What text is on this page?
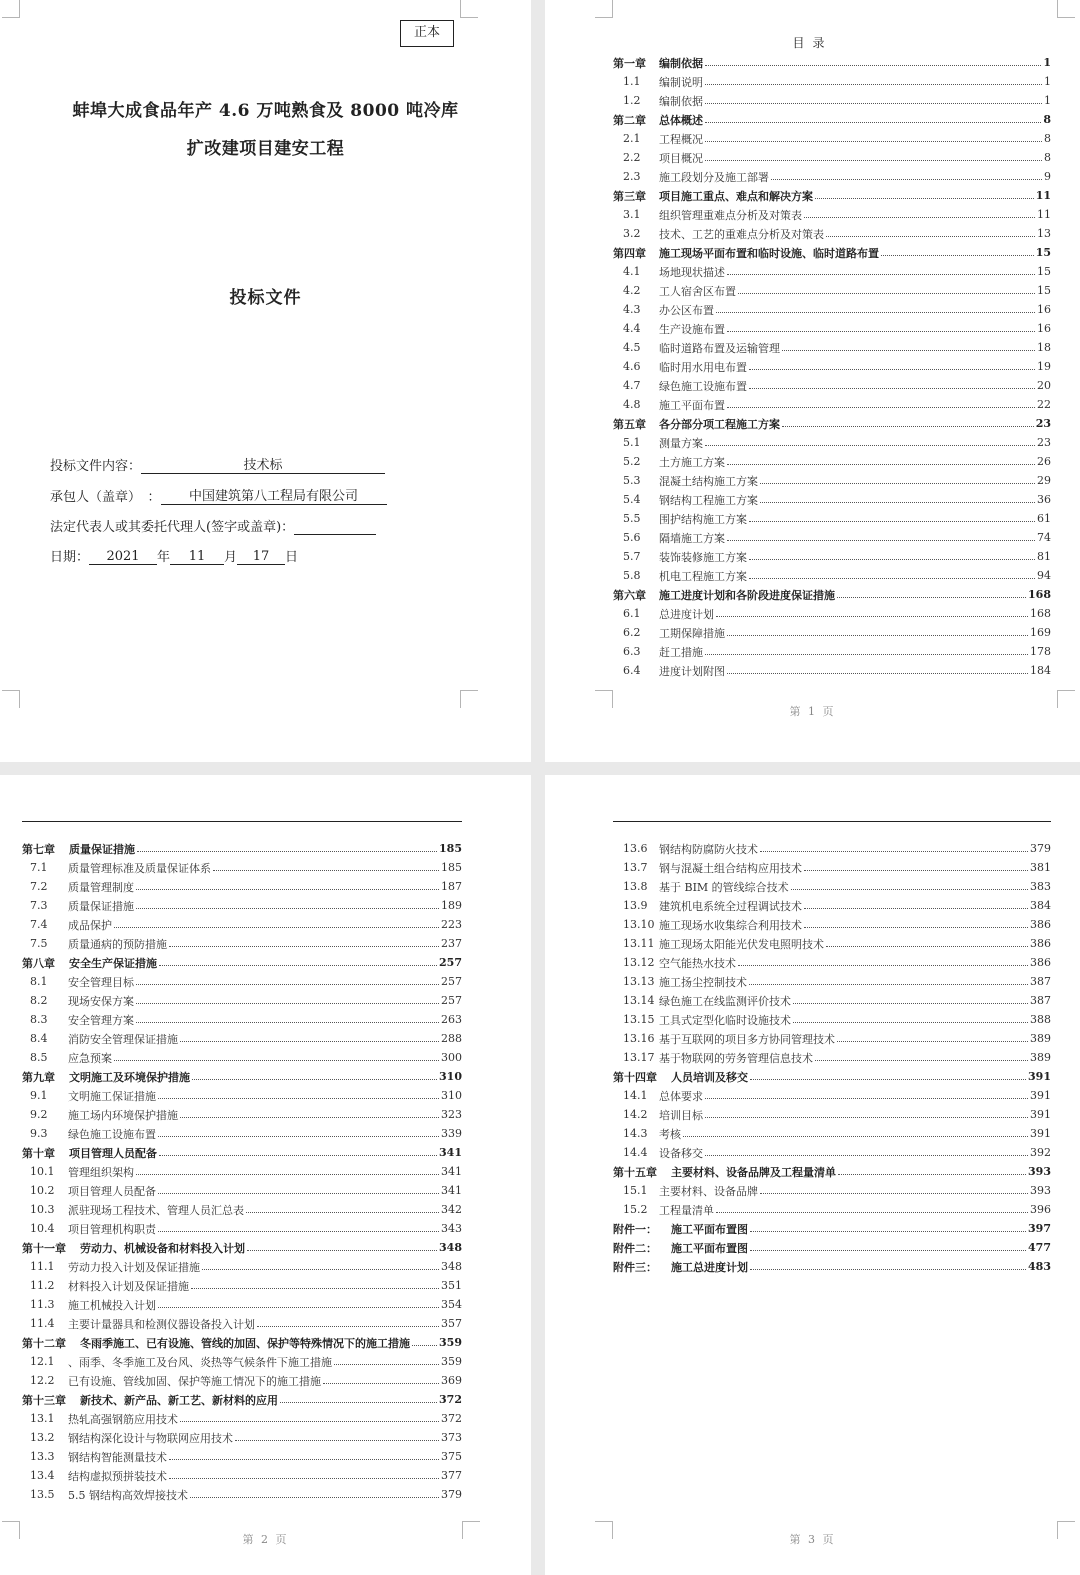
正本
蚌埠大成食品年产 4.6 万吨熟食及 8000 吨冷库
扩改建项目建安工程
投标文件
投标文件内容：	技术标
承包人（盖章）　：	中国建筑第八工程局有限公司
法定代表人或其委托代理人(签字或盖章)：
日期：	2021	年	11	月	17	日
目录
第一章	编制依据	1
1.1	编制说明	1
1.2	编制依据	1
第二章	总体概述	8
2.1	工程概况	8
2.2	项目概况	8
2.3	施工段划分及施工部署	9
第三章	项目施工重点、难点和解决方案	11
3.1	组织管理重难点分析及对策表	11
3.2	技术、工艺的重难点分析及对策表	13
第四章	施工现场平面布置和临时设施、临时道路布置	15
4.1	场地现状描述	15
4.2	工人宿舍区布置	15
4.3	办公区布置	16
4.4	生产设施布置	16
4.5	临时道路布置及运输管理	18
4.6	临时用水用电布置	19
4.7	绿色施工设施布置	20
4.8	施工平面布置	22
第五章	各分部分项工程施工方案	23
5.1	测量方案	23
5.2	土方施工方案	26
5.3	混凝土结构施工方案	29
5.4	钢结构工程施工方案	36
5.5	围护结构施工方案	61
5.6	隔墙施工方案	74
5.7	装饰装修施工方案	81
5.8	机电工程施工方案	94
第六章	施工进度计划和各阶段进度保证措施	168
6.1	总进度计划	168
6.2	工期保障措施	169
6.3	赶工措施	178
6.4	进度计划附图	184
第 1 页
第七章	质量保证措施	185
7.1	质量管理标准及质量保证体系	185
7.2	质量管理制度	187
7.3	质量保证措施	189
7.4	成品保护	223
7.5	质量通病的预防措施	237
第八章	安全生产保证措施	257
8.1	安全管理目标	257
8.2	现场安保方案	257
8.3	安全管理方案	263
8.4	消防安全管理保证措施	288
8.5	应急预案	300
第九章	文明施工及环境保护措施	310
9.1	文明施工保证措施	310
9.2	施工场内环境保护措施	323
9.3	绿色施工设施布置	339
第十章	项目管理人员配备	341
10.1	管理组织架构	341
10.2	项目管理人员配备	341
10.3	派驻现场工程技术、管理人员汇总表	342
10.4	项目管理机构职责	343
第十一章	劳动力、机械设备和材料投入计划	348
11.1	劳动力投入计划及保证措施	348
11.2	材料投入计划及保证措施	351
11.3	施工机械投入计划	354
11.4	主要计量器具和检测仪器设备投入计划	357
第十二章	冬雨季施工、已有设施、管线的加固、保护等特殊情况下的施工措施	359
12.1	、雨季、冬季施工及台风、炎热等气候条件下施工措施	359
12.2	已有设施、管线加固、保护等施工情况下的施工措施	369
第十三章	新技术、新产品、新工艺、新材料的应用	372
13.1	热轧高强钢筋应用技术	372
13.2	钢结构深化设计与物联网应用技术	373
13.3	钢结构智能测量技术	375
13.4	结构虚拟预拼装技术	377
13.5	5.5 钢结构高效焊接技术	379
第 2 页
13.6	钢结构防腐防火技术	379
13.7	钢与混凝土组合结构应用技术	381
13.8	基于 BIM 的管线综合技术	383
13.9	建筑机电系统全过程调试技术	384
13.10 施工现场水收集综合利用技术	386
13.11 施工现场太阳能光伏发电照明技术	386
13.12 空气能热水技术	386
13.13 施工扬尘控制技术	387
13.14 绿色施工在线监测评价技术	387
13.15 工具式定型化临时设施技术	388
13.16 基于互联网的项目多方协同管理技术	389
13.17 基于物联网的劳务管理信息技术	389
第十四章	人员培训及移交	391
14.1	总体要求	391
14.2	培训目标	391
14.3	考核	391
14.4	设备移交	392
第十五章	主要材料、设备品牌及工程量清单	393
15.1	主要材料、设备品牌	393
15.2	工程量清单	396
附件一：	施工平面布置图	397
附件二：	施工平面布置图	477
附件三：	施工总进度计划	483
第 3 页
